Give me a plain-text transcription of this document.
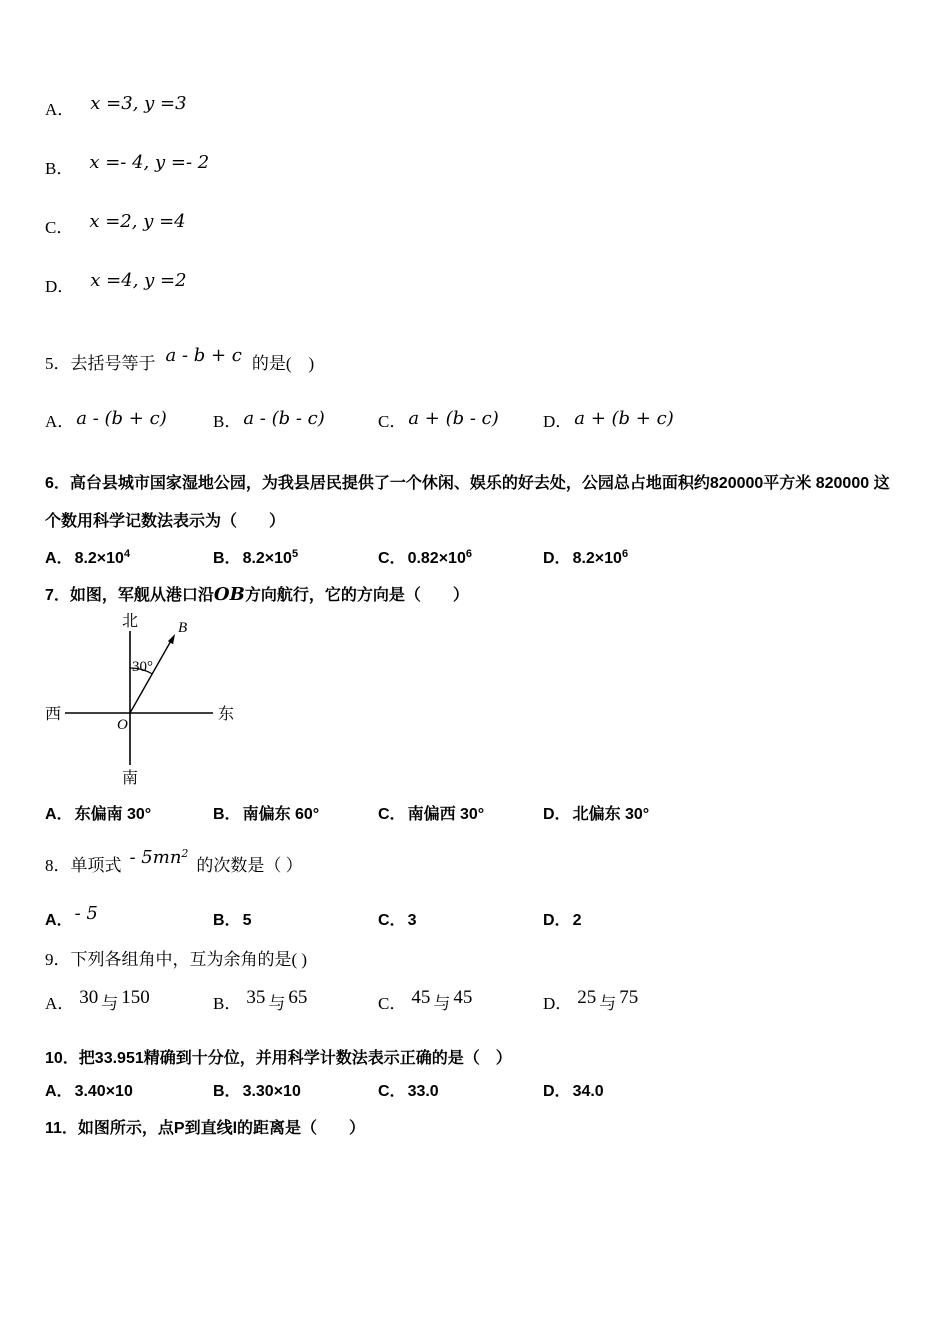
A． x =3, y =3
B． x =- 4, y =- 2
C． x =2, y =4
D． x =4, y =2
5．去括号等于 a - b + c 的是(　)
A． a - (b + c)	B． a - (b - c)	C． a + (b - c)	D． a + (b + c)
6．高台县城市国家湿地公园，为我县居民提供了一个休闲、娱乐的好去处，公园总占地面积约820000平方米 820000 这个数用科学记数法表示为（　　）
A． $8.2\times 10^4$	B． $8.2\times 10^5$	C． $0.82\times 10^6$	D． $8.2\times 10^6$
7．如图，军舰从港口沿OB方向航行，它的方向是（　　）
30°
北
南
西	东
O
B
A． 东偏南 30°	B． 南偏东 60°	C． 南偏西 30°	D． 北偏东 30°
8．单项式 - $5mn^2$的次数是（ ）
A． - 5	B． 5	C． 3	D． 2
9．下列各组角中，互为余角的是( )
A． 30 与 150	B． 35 与 65	C． 45 与 45	D． 25 与 75
10．把33.951精确到十分位，并用科学计数法表示正确的是（　）
A． 3.40×10	B． 3.30×10	C． 33.0	D． 34.0
11．如图所示，点P到直线l的距离是（　　）
